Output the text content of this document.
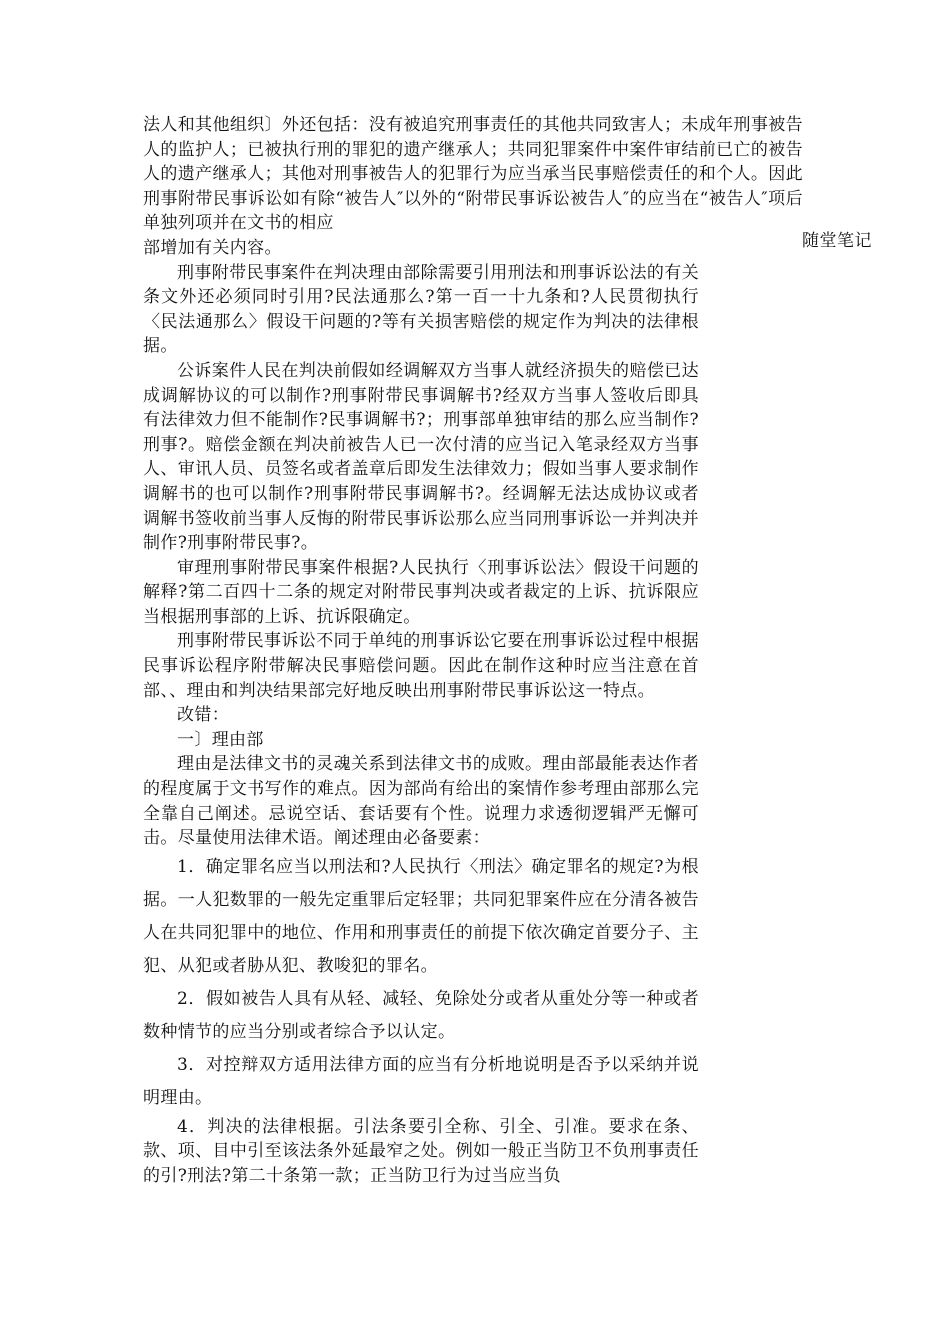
法人和其他组织〕外还包括：没有被追究刑事责任的其他共同致害人；未成年刑事被告人的监护人；已被执行刑的罪犯的遗产继承人；共同犯罪案件中案件审结前已亡的被告人的遗产继承人；其他对刑事被告人的犯罪行为应当承当民事赔偿责任的和个人。因此刑事附带民事诉讼如有除“被告人″以外的“附带民事诉讼被告人″的应当在“被告人″项后单独列项并在文书的相应

部增加有关内容。

刑事附带民事案件在判决理由部除需要引用刑法和刑事诉讼法的有关条文外还必须同时引用?民法通那么?第一百一十九条和?人民贯彻执行〈民法通那么〉假设干问题的?等有关损害赔偿的规定作为判决的法律根据。

公诉案件人民在判决前假如经调解双方当事人就经济损失的赔偿已达成调解协议的可以制作?刑事附带民事调解书?经双方当事人签收后即具有法律效力但不能制作?民事调解书?；刑事部单独审结的那么应当制作?刑事?。赔偿金额在判决前被告人已一次付清的应当记入笔录经双方当事人、审讯人员、员签名或者盖章后即发生法律效力；假如当事人要求制作调解书的也可以制作?刑事附带民事调解书?。经调解无法达成协议或者调解书签收前当事人反悔的附带民事诉讼那么应当同刑事诉讼一并判决并制作?刑事附带民事?。

审理刑事附带民事案件根据?人民执行〈刑事诉讼法〉假设干问题的解释?第二百四十二条的规定对附带民事判决或者裁定的上诉、抗诉限应当根据刑事部的上诉、抗诉限确定。

刑事附带民事诉讼不同于单纯的刑事诉讼它要在刑事诉讼过程中根据民事诉讼程序附带解决民事赔偿问题。因此在制作这种时应当注意在首部、、理由和判决结果部完好地反映出刑事附带民事诉讼这一特点。

改错：

一〕理由部

理由是法律文书的灵魂关系到法律文书的成败。理由部最能表达作者的程度属于文书写作的难点。因为部尚有给出的案情作参考理由部那么完全靠自己阐述。忌说空话、套话要有个性。说理力求透彻逻辑严无懈可击。尽量使用法律术语。阐述理由必备要素：

1．确定罪名应当以刑法和?人民执行〈刑法〉确定罪名的规定?为根据。一人犯数罪的一般先定重罪后定轻罪；共同犯罪案件应在分清各被告人在共同犯罪中的地位、作用和刑事责任的前提下依次确定首要分子、主犯、从犯或者胁从犯、教唆犯的罪名。

2．假如被告人具有从轻、减轻、免除处分或者从重处分等一种或者数种情节的应当分别或者综合予以认定。

3．对控辩双方适用法律方面的应当有分析地说明是否予以采纳并说明理由。

4．判决的法律根据。引法条要引全称、引全、引准。要求在条、款、项、目中引至该法条外延最窄之处。例如一般正当防卫不负刑事责任的引?刑法?第二十条第一款；正当防卫行为过当应当负

随堂笔记
